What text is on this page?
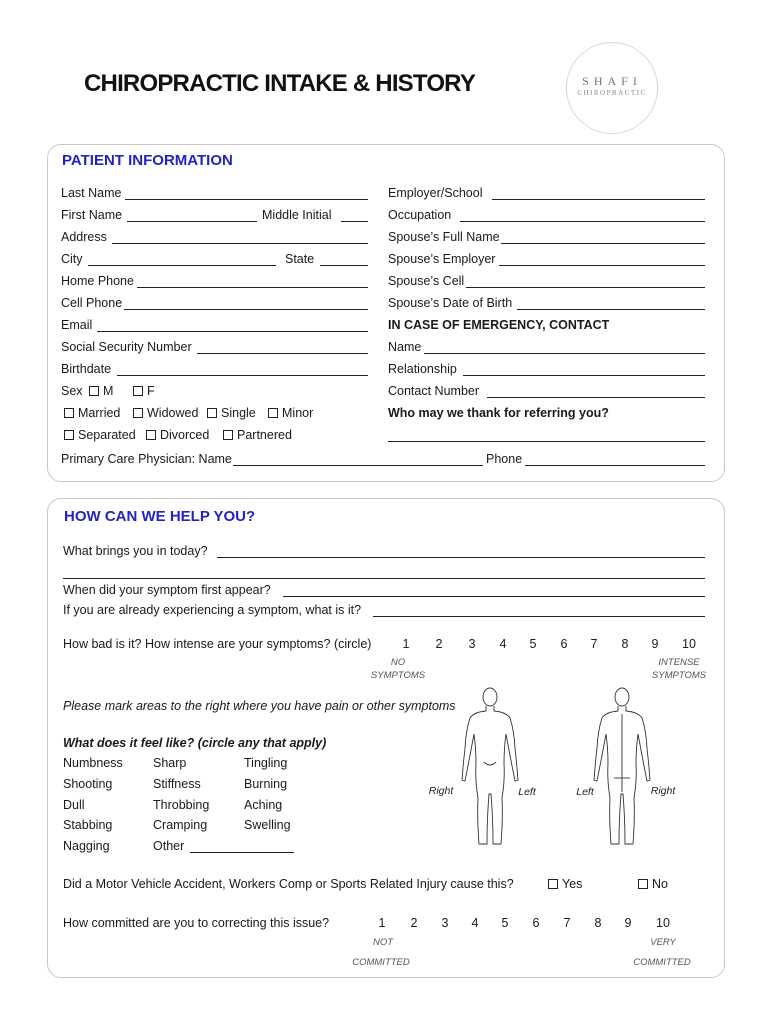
CHIROPRACTIC INTAKE & HISTORY	SHAFI
CHIROPRACTIC
PATIENT INFORMATION
Last Name
First Name	Middle Initial
Address
City	State
Home Phone
Cell Phone
Email
Social Security Number
Birthdate
Sex	M	F
Married	Widowed	Single	Minor
Separated	Divorced	Partnered
Employer/School
Occupation
Spouse’s Full Name
Spouse’s Employer
Spouse’s Cell
Spouse’s Date of Birth
IN CASE OF EMERGENCY, CONTACT
Name
Relationship
Contact Number
Who may we thank for referring you?
Primary Care Physician: Name	Phone
HOW CAN WE HELP YOU?
What brings you in today?
When did your symptom first appear?
If you are already experiencing a symptom, what is it?
How bad is it? How intense are your symptoms? (circle)	1	2	3	4	5	6	7	8	9	10
NO
SYMPTOMS
INTENSE
SYMPTOMS
Please mark areas to the right where you have pain or other symptoms
What does it feel like? (circle any that apply)
Numbness Sharp	Tingling
Shooting	Stiffness	Burning
Dull	Throbbing	Aching
Stabbing	Cramping	Swelling
Nagging	Other
Right	Left	Left	Right
Did a Motor Vehicle Accident, Workers Comp or Sports Related Injury cause this?	Yes	No
How committed are you to correcting this issue?	1	2	3	4	5	6	7	8	9	10
NOT
COMMITTED
VERY
COMMITTED
